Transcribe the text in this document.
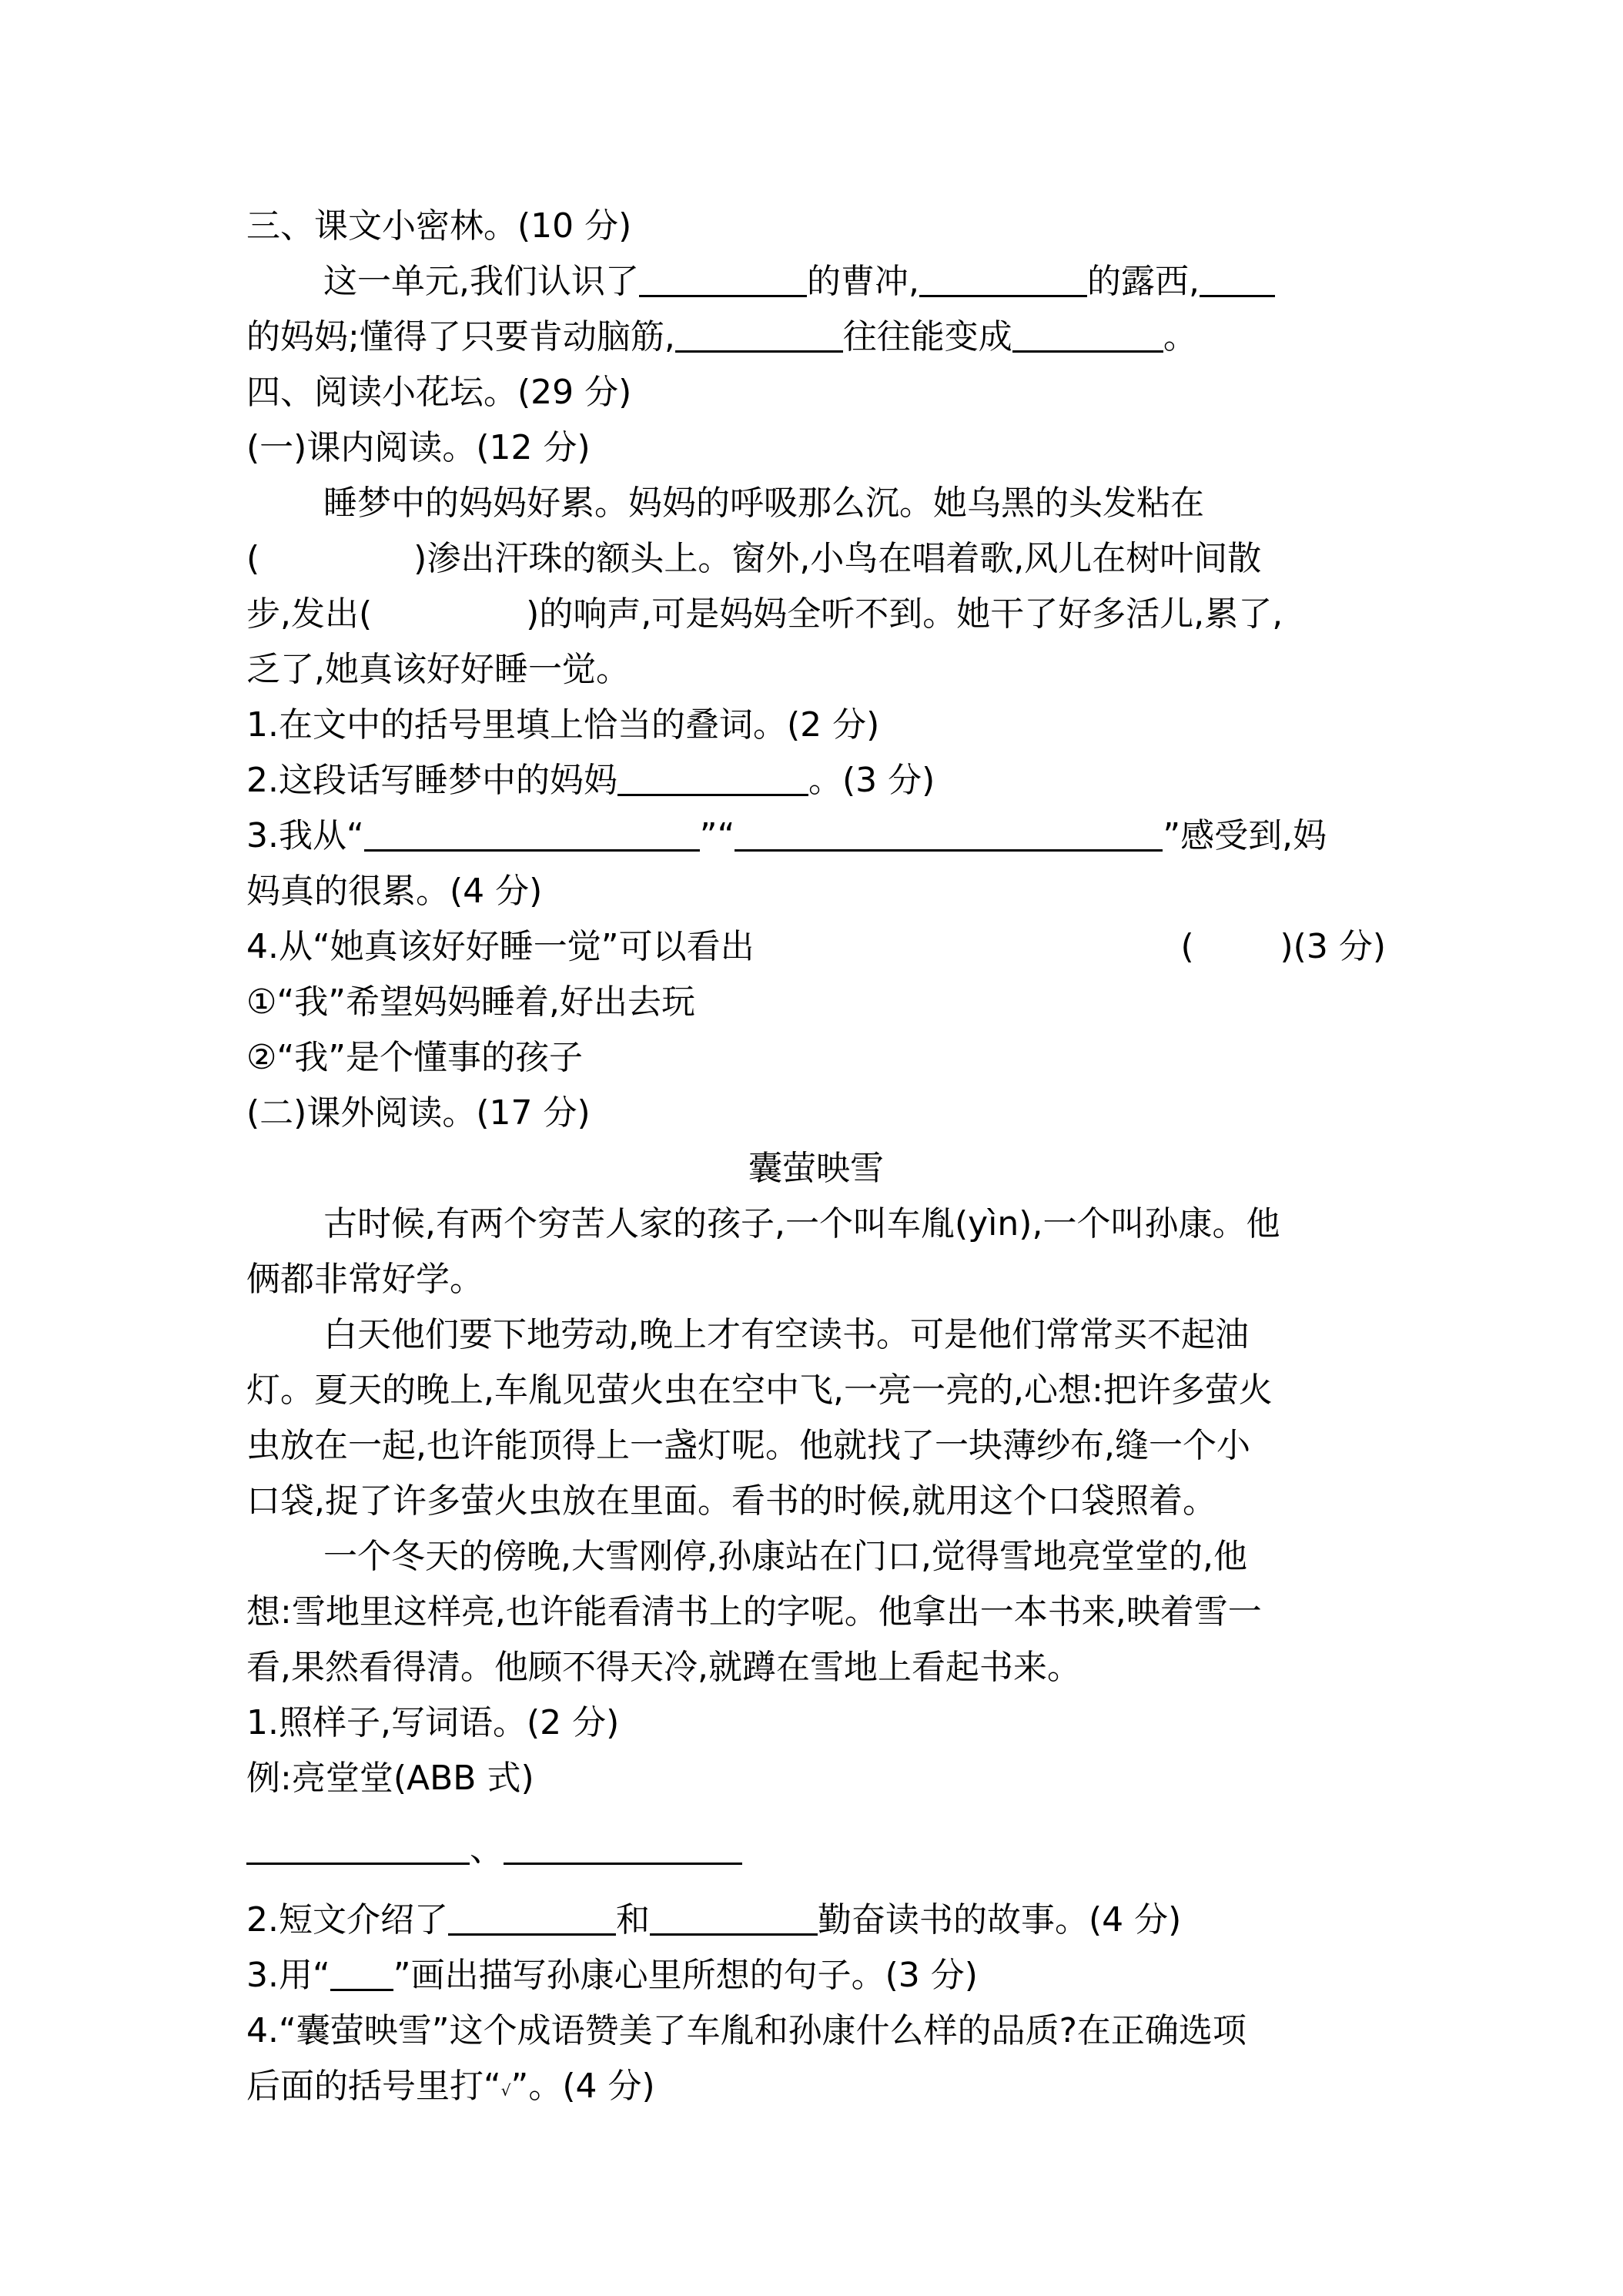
三、课文小密林。(10 分)
这一单元,我们认识了	的曹冲,	的露西,
的妈妈;懂得了只要肯动脑筋,	往往能变成	。
四、阅读小花坛。(29 分)
(一)课内阅读。(12 分)
睡梦中的妈妈好累。妈妈的呼吸那么沉。她乌黑的头发粘在
(	)渗出汗珠的额头上。窗外,小鸟在唱着歌,风儿在树叶间散
步,发出(	)的响声,可是妈妈全听不到。她干了好多活儿,累了,
乏了,她真该好好睡一觉。
1.在文中的括号里填上恰当的叠词。(2 分)
2.这段话写睡梦中的妈妈	。(3 分)
3.我从“	”“	”感受到,妈
妈真的很累。(4 分)
4.从“她真该好好睡一觉”可以看出	(        )(3 分)
①“我”希望妈妈睡着,好出去玩
②“我”是个懂事的孩子
(二)课外阅读。(17 分)
囊萤映雪
古时候,有两个穷苦人家的孩子,一个叫车胤(yìn),一个叫孙康。他
俩都非常好学。
白天他们要下地劳动,晚上才有空读书。可是他们常常买不起油
灯。夏天的晚上,车胤见萤火虫在空中飞,一亮一亮的,心想:把许多萤火
虫放在一起,也许能顶得上一盏灯呢。他就找了一块薄纱布,缝一个小
口袋,捉了许多萤火虫放在里面。看书的时候,就用这个口袋照着。
一个冬天的傍晚,大雪刚停,孙康站在门口,觉得雪地亮堂堂的,他
想:雪地里这样亮,也许能看清书上的字呢。他拿出一本书来,映着雪一
看,果然看得清。他顾不得天冷,就蹲在雪地上看起书来。
1.照样子,写词语。(2 分)
例:亮堂堂(ABB 式)
、
2.短文介绍了	和	勤奋读书的故事。(4 分)
3.用“ ”画出描写孙康心里所想的句子。(3 分)
4.“囊萤映雪”这个成语赞美了车胤和孙康什么样的品质?在正确选项
后面的括号里打“√”。(4 分)
